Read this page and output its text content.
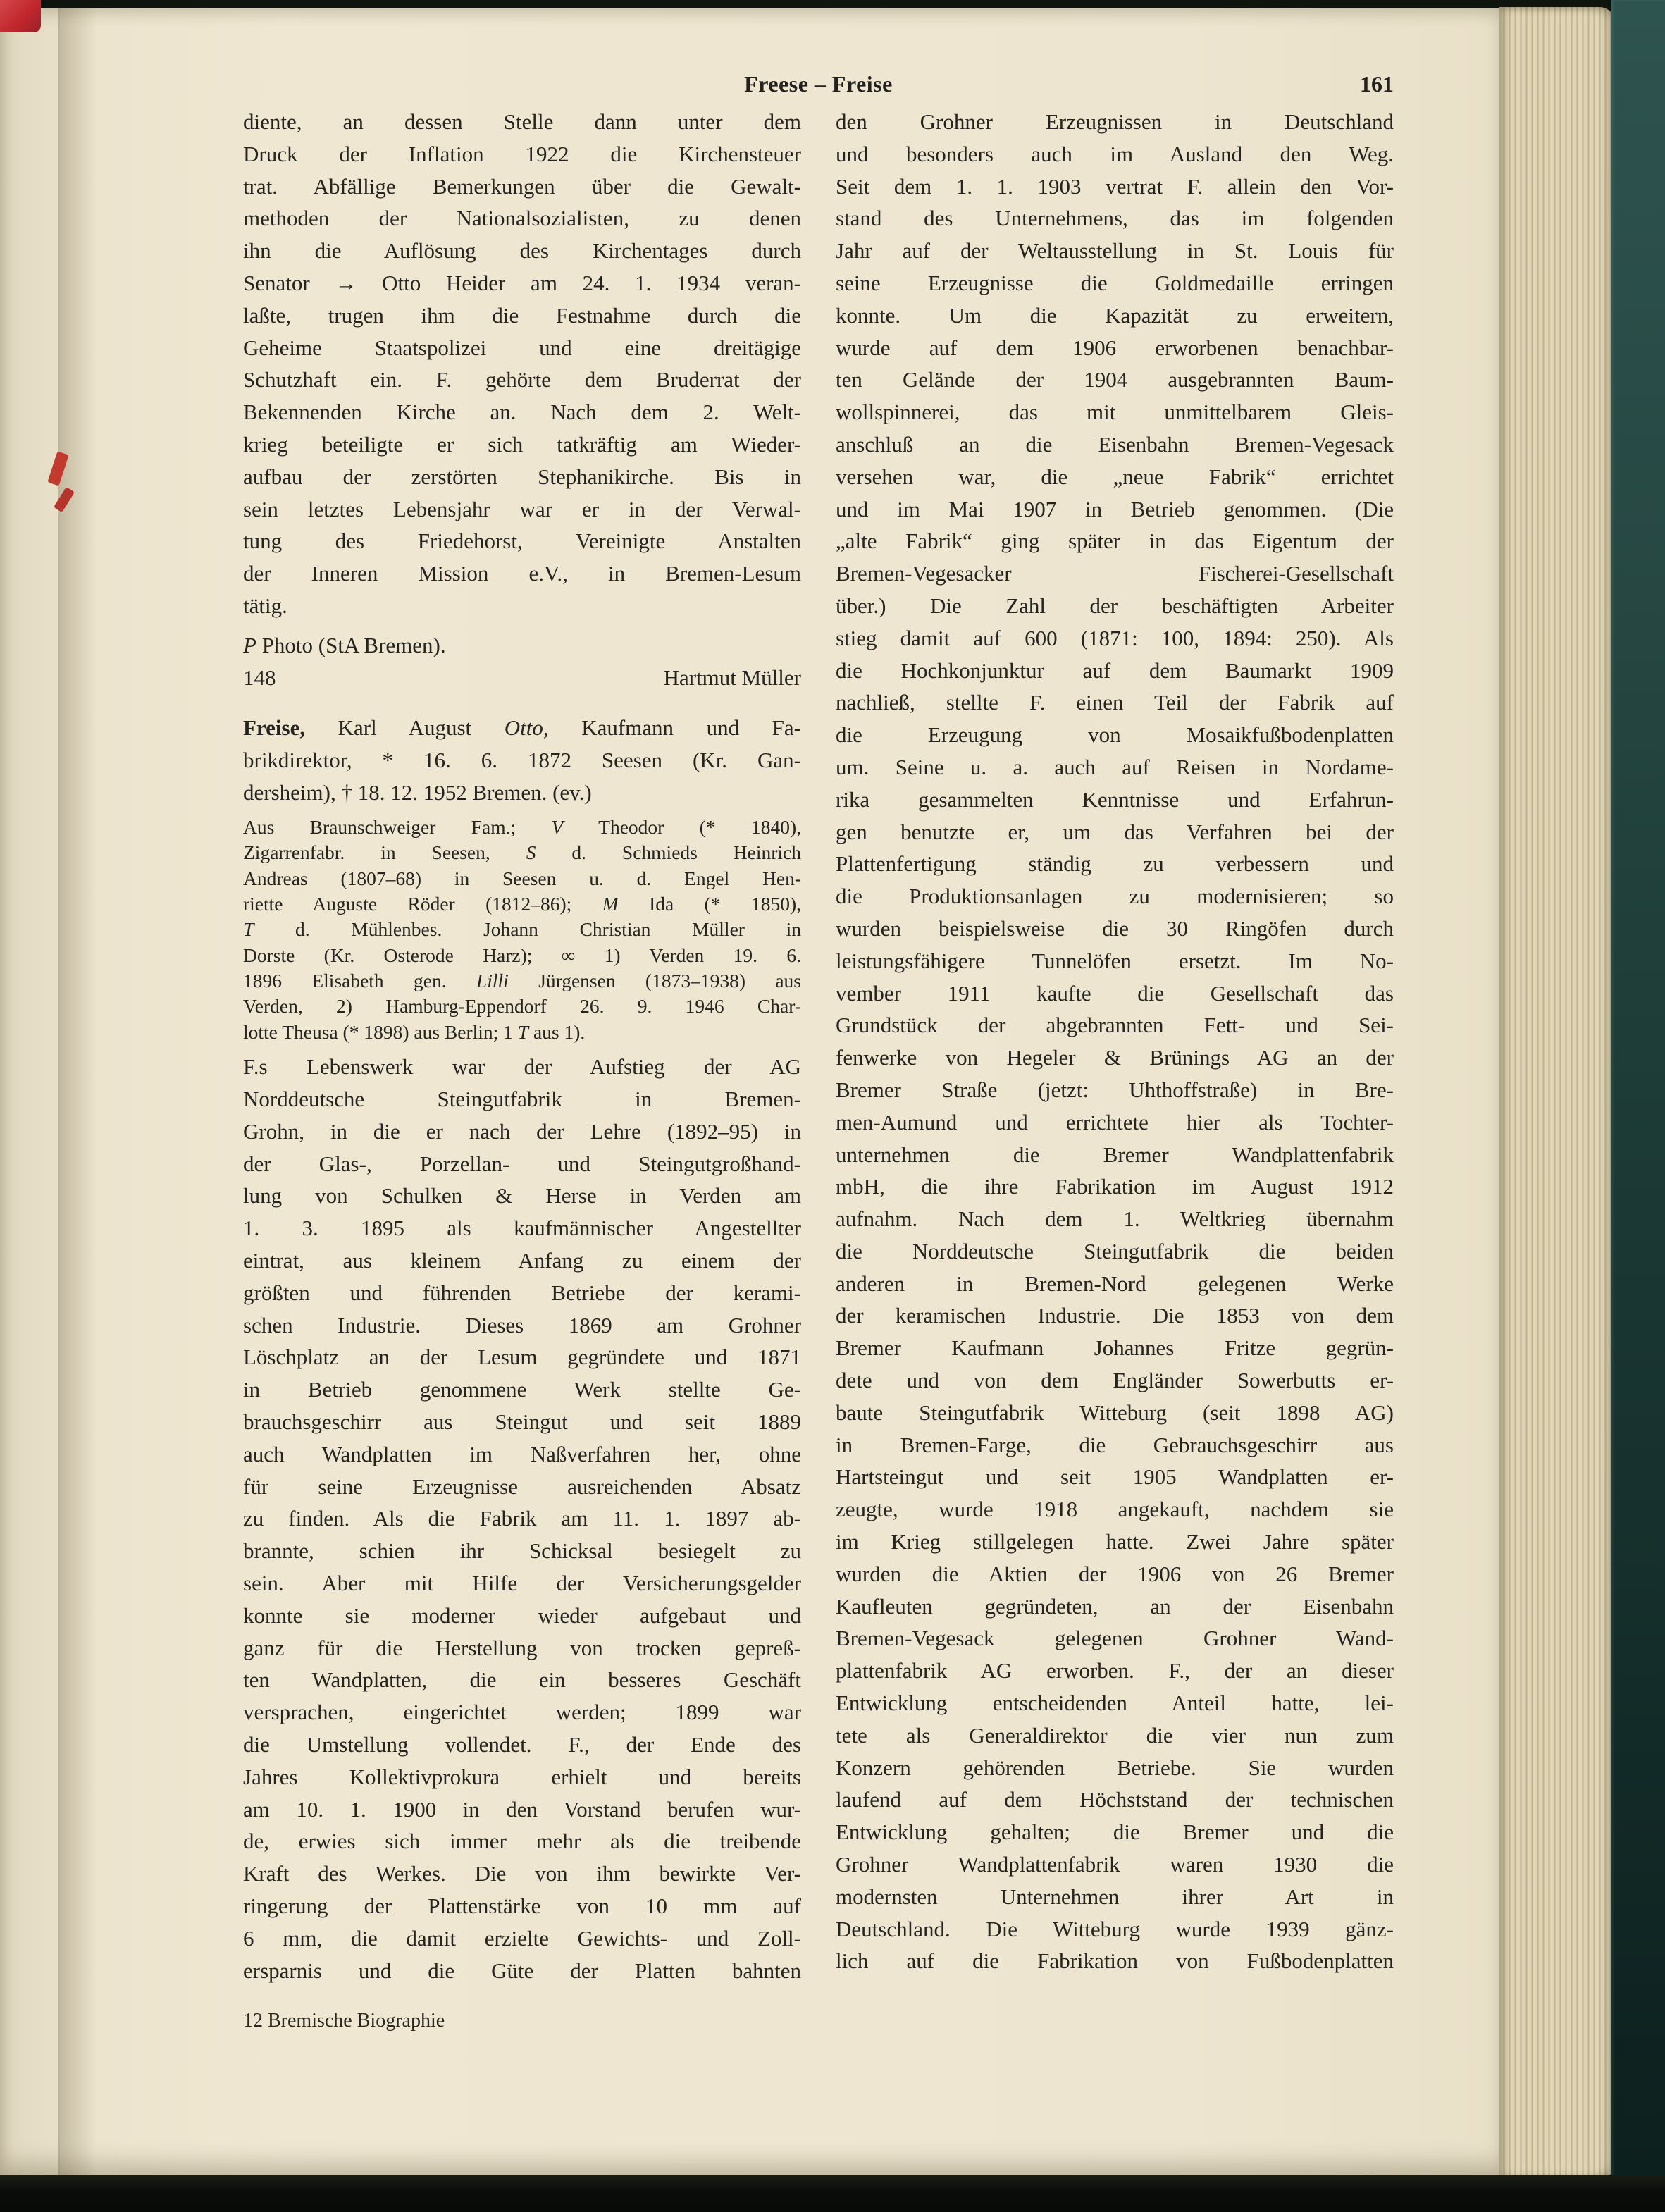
Freese – Freise	161
diente, an dessen Stelle dann unter dem
Druck der Inflation 1922 die Kirchensteuer
trat. Abfällige Bemerkungen über die Gewalt-
methoden der Nationalsozialisten, zu denen
ihn die Auflösung des Kirchentages durch
Senator → Otto Heider am 24. 1. 1934 veran-
laßte, trugen ihm die Festnahme durch die
Geheime Staatspolizei und eine dreitägige
Schutzhaft ein. F. gehörte dem Bruderrat der
Bekennenden Kirche an. Nach dem 2. Welt-
krieg beteiligte er sich tatkräftig am Wieder-
aufbau der zerstörten Stephanikirche. Bis in
sein letztes Lebensjahr war er in der Verwal-
tung des Friedehorst, Vereinigte Anstalten
der Inneren Mission e.V., in Bremen-Lesum
tätig.
P Photo (StA Bremen).
148	Hartmut Müller
Freise, Karl August Otto, Kaufmann und Fa-
brikdirektor, * 16. 6. 1872 Seesen (Kr. Gan-
dersheim), † 18. 12. 1952 Bremen. (ev.)
Aus Braunschweiger Fam.; V Theodor (* 1840),
Zigarrenfabr. in Seesen, S d. Schmieds Heinrich
Andreas (1807–68) in Seesen u. d. Engel Hen-
riette Auguste Röder (1812–86); M Ida (* 1850),
T d. Mühlenbes. Johann Christian Müller in
Dorste (Kr. Osterode Harz); ∞ 1) Verden 19. 6.
1896 Elisabeth gen. Lilli Jürgensen (1873–1938) aus
Verden, 2) Hamburg-Eppendorf 26. 9. 1946 Char-
lotte Theusa (* 1898) aus Berlin; 1 T aus 1).
F.s Lebenswerk war der Aufstieg der AG
Norddeutsche Steingutfabrik in Bremen-
Grohn, in die er nach der Lehre (1892–95) in
der Glas-, Porzellan- und Steingutgroßhand-
lung von Schulken & Herse in Verden am
1. 3. 1895 als kaufmännischer Angestellter
eintrat, aus kleinem Anfang zu einem der
größten und führenden Betriebe der kerami-
schen Industrie. Dieses 1869 am Grohner
Löschplatz an der Lesum gegründete und 1871
in Betrieb genommene Werk stellte Ge-
brauchsgeschirr aus Steingut und seit 1889
auch Wandplatten im Naßverfahren her, ohne
für seine Erzeugnisse ausreichenden Absatz
zu finden. Als die Fabrik am 11. 1. 1897 ab-
brannte, schien ihr Schicksal besiegelt zu
sein. Aber mit Hilfe der Versicherungsgelder
konnte sie moderner wieder aufgebaut und
ganz für die Herstellung von trocken gepreß-
ten Wandplatten, die ein besseres Geschäft
versprachen, eingerichtet werden; 1899 war
die Umstellung vollendet. F., der Ende des
Jahres Kollektivprokura erhielt und bereits
am 10. 1. 1900 in den Vorstand berufen wur-
de, erwies sich immer mehr als die treibende
Kraft des Werkes. Die von ihm bewirkte Ver-
ringerung der Plattenstärke von 10 mm auf
6 mm, die damit erzielte Gewichts- und Zoll-
ersparnis und die Güte der Platten bahnten
den Grohner Erzeugnissen in Deutschland
und besonders auch im Ausland den Weg.
Seit dem 1. 1. 1903 vertrat F. allein den Vor-
stand des Unternehmens, das im folgenden
Jahr auf der Weltausstellung in St. Louis für
seine Erzeugnisse die Goldmedaille erringen
konnte. Um die Kapazität zu erweitern,
wurde auf dem 1906 erworbenen benachbar-
ten Gelände der 1904 ausgebrannten Baum-
wollspinnerei, das mit unmittelbarem Gleis-
anschluß an die Eisenbahn Bremen-Vegesack
versehen war, die „neue Fabrik“ errichtet
und im Mai 1907 in Betrieb genommen. (Die
„alte Fabrik“ ging später in das Eigentum der
Bremen-Vegesacker Fischerei-Gesellschaft
über.) Die Zahl der beschäftigten Arbeiter
stieg damit auf 600 (1871: 100, 1894: 250). Als
die Hochkonjunktur auf dem Baumarkt 1909
nachließ, stellte F. einen Teil der Fabrik auf
die Erzeugung von Mosaikfußbodenplatten
um. Seine u. a. auch auf Reisen in Nordame-
rika gesammelten Kenntnisse und Erfahrun-
gen benutzte er, um das Verfahren bei der
Plattenfertigung ständig zu verbessern und
die Produktionsanlagen zu modernisieren; so
wurden beispielsweise die 30 Ringöfen durch
leistungsfähigere Tunnelöfen ersetzt. Im No-
vember 1911 kaufte die Gesellschaft das
Grundstück der abgebrannten Fett- und Sei-
fenwerke von Hegeler & Brünings AG an der
Bremer Straße (jetzt: Uhthoffstraße) in Bre-
men-Aumund und errichtete hier als Tochter-
unternehmen die Bremer Wandplattenfabrik
mbH, die ihre Fabrikation im August 1912
aufnahm. Nach dem 1. Weltkrieg übernahm
die Norddeutsche Steingutfabrik die beiden
anderen in Bremen-Nord gelegenen Werke
der keramischen Industrie. Die 1853 von dem
Bremer Kaufmann Johannes Fritze gegrün-
dete und von dem Engländer Sowerbutts er-
baute Steingutfabrik Witteburg (seit 1898 AG)
in Bremen-Farge, die Gebrauchsgeschirr aus
Hartsteingut und seit 1905 Wandplatten er-
zeugte, wurde 1918 angekauft, nachdem sie
im Krieg stillgelegen hatte. Zwei Jahre später
wurden die Aktien der 1906 von 26 Bremer
Kaufleuten gegründeten, an der Eisenbahn
Bremen-Vegesack gelegenen Grohner Wand-
plattenfabrik AG erworben. F., der an dieser
Entwicklung entscheidenden Anteil hatte, lei-
tete als Generaldirektor die vier nun zum
Konzern gehörenden Betriebe. Sie wurden
laufend auf dem Höchststand der technischen
Entwicklung gehalten; die Bremer und die
Grohner Wandplattenfabrik waren 1930 die
modernsten Unternehmen ihrer Art in
Deutschland. Die Witteburg wurde 1939 gänz-
lich auf die Fabrikation von Fußbodenplatten
12 Bremische Biographie
